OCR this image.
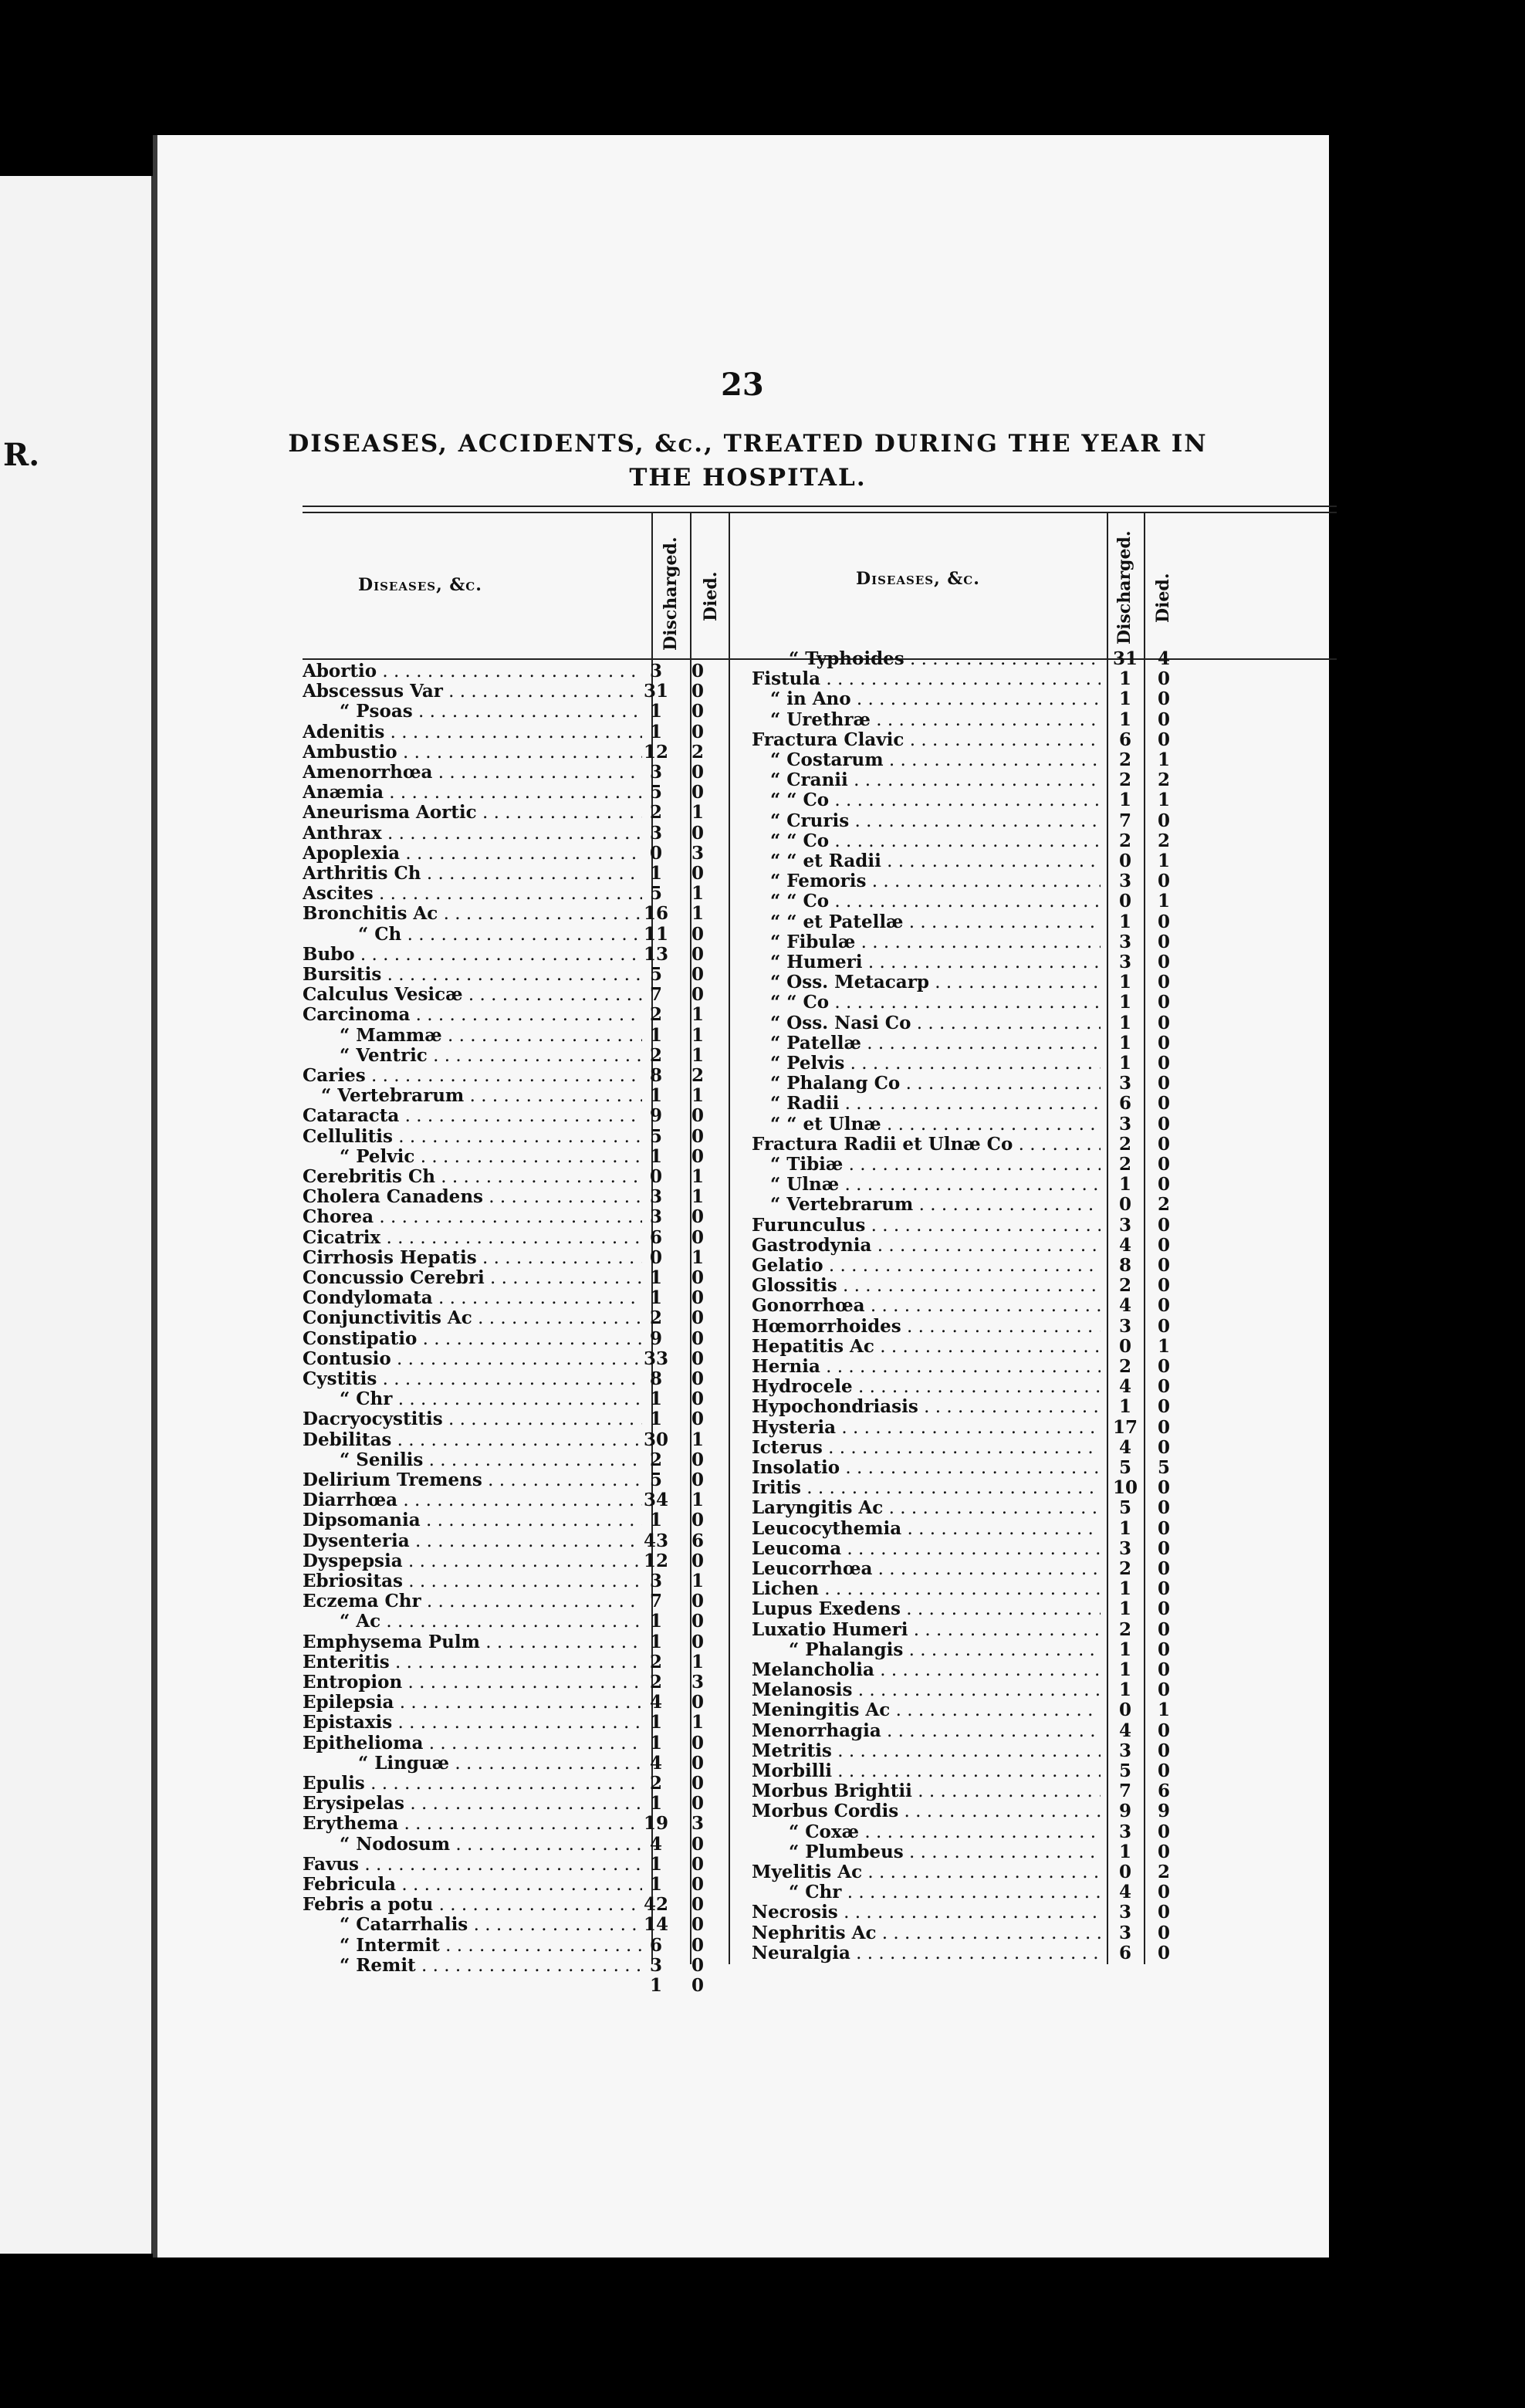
R.
23
DISEASES, ACCIDENTS, &c., TREATED DURING THE YEAR IN THE HOSPITAL.
Diseases, &c.	Discharged. Died.	Diseases, &c.	Discharged. Died.
Abortio . . .	3	0
Abscessus Var . . .	31	0
“ Psoas . . .	1	0
Adenitis . . .	1	0
Ambustio . . .	12	2
Amenorrhœa . . .	3	0
Anæmia . . .	5	0
Aneurisma Aortic . . .	2	1
Anthrax . . .	3	0
Apoplexia . . .	0	3
Arthritis Ch . . .	1	0
Ascites . . .	5	1
Bronchitis Ac . . .	16	1
“ Ch . . .	11	0
Bubo . . .	13	0
Bursitis . . .	5	0
Calculus Vesicæ . . .	7	0
Carcinoma . . .	2	1
“ Mammæ . . .	1	1
“ Ventric . . .	2	1
Caries . . .	8	2
“ Vertebrarum . . .	1	1
Cataracta . . .	9	0
Cellulitis . . .	5	0
“ Pelvic . . .	1	0
Cerebritis Ch . . .	0	1
Cholera Canadens . . .	3	1
Chorea . . .	3	0
Cicatrix . . .	6	0
Cirrhosis Hepatis . . .	0	1
Concussio Cerebri . . .	1	0
Condylomata . . .	1	0
Conjunctivitis Ac . . .	2	0
Constipatio . . .	9	0
Contusio . . .	33	0
Cystitis . . .	8	0
“ Chr . . .	1	0
Dacryocystitis . . .	1	0
Debilitas . . .	30	1
“ Senilis . . .	2	0
Delirium Tremens . . .	5	0
Diarrhœa . . .	34	1
Dipsomania . . .	1	0
Dysenteria . . .	43	6
Dyspepsia . . .	12	0
Ebriositas . . .	3	1
Eczema Chr . . .	7	0
“ Ac . . .	1	0
Emphysema Pulm . . .	1	0
Enteritis . . .	2	1
Entropion . . .	2	3
Epilepsia . . .	4	0
Epistaxis . . .	1	1
Epithelioma . . .	1	0
“ Linguæ . . .	4	0
Epulis . . .	2	0
Erysipelas . . .	1	0
Erythema . . .	19	3
“ Nodosum . . .	4	0
Favus . . .	1	0
Febricula . . .	1	0
Febris a potu . . .	42	0
“ Catarrhalis . . .	14	0
“ Intermit . . .	6	0
“ Remit . . .	3	0
1	0
“ Typhoides . . .	31	4
Fistula . . .	1	0
“ in Ano . . .	1	0
“ Urethræ . . .	1	0
Fractura Clavic . . .	6	0
“ Costarum . . .	2	1
“ Cranii . . .	2	2
“ “ Co . . .	1	1
“ Cruris . . .	7	0
“ “ Co . . .	2	2
“ “ et Radii . . .	0	1
“ Femoris . . .	3	0
“ “ Co . . .	0	1
“ “ et Patellæ . . .	1	0
“ Fibulæ . . .	3	0
“ Humeri . . .	3	0
“ Oss. Metacarp . . .	1	0
“ “ Co . . .	1	0
“ Oss. Nasi Co . . .	1	0
“ Patellæ . . .	1	0
“ Pelvis . . .	1	0
“ Phalang Co . . .	3	0
“ Radii . . .	6	0
“ “ et Ulnæ . . .	3	0
Fractura Radii et Ulnæ Co . . .	2	0
“ Tibiæ . . .	2	0
“ Ulnæ . . .	1	0
“ Vertebrarum . . .	0	2
Furunculus . . .	3	0
Gastrodynia . . .	4	0
Gelatio . . .	8	0
Glossitis . . .	2	0
Gonorrhœa . . .	4	0
Hœmorrhoides . . .	3	0
Hepatitis Ac . . .	0	1
Hernia . . .	2	0
Hydrocele . . .	4	0
Hypochondriasis . . .	1	0
Hysteria . . .	17	0
Icterus . . .	4	0
Insolatio . . .	5	5
Iritis . . .	10	0
Laryngitis Ac . . .	5	0
Leucocythemia . . .	1	0
Leucoma . . .	3	0
Leucorrhœa . . .	2	0
Lichen . . .	1	0
Lupus Exedens . . .	1	0
Luxatio Humeri . . .	2	0
“ Phalangis . . .	1	0
Melancholia . . .	1	0
Melanosis . . .	1	0
Meningitis Ac . . .	0	1
Menorrhagia . . .	4	0
Metritis . . .	3	0
Morbilli . . .	5	0
Morbus Brightii . . .	7	6
Morbus Cordis . . .	9	9
“ Coxæ . . .	3	0
“ Plumbeus . . .	1	0
Myelitis Ac . . .	0	2
“ Chr . . .	4	0
Necrosis . . .	3	0
Nephritis Ac . . .	3	0
Neuralgia . . .	6	0
